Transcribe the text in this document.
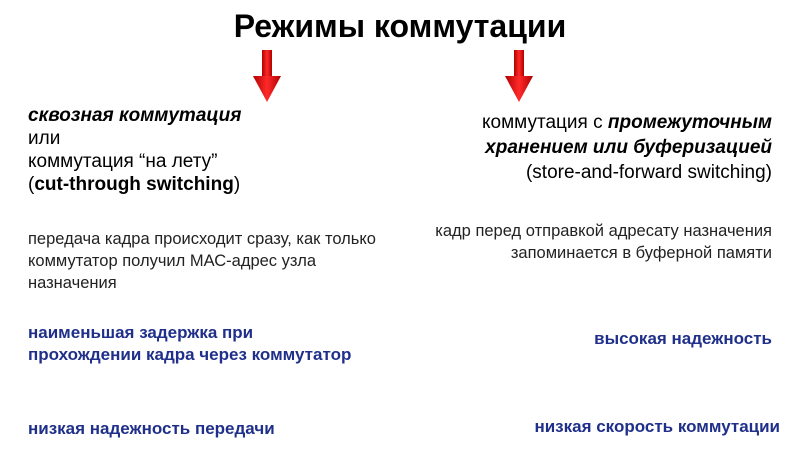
Режимы коммутации
сквозная коммутация
или
коммутация “на лету”
(cut-through switching)
передача кадра происходит сразу, как только коммутатор получил МАС-адрес узла назначения
наименьшая задержка при прохождении кадра через коммутатор
низкая надежность передачи
коммутация с промежуточным
хранением или буферизацией
(store-and-forward switching)
кадр перед отправкой адресату назначения запоминается в буферной памяти
высокая надежность
низкая скорость коммутации
